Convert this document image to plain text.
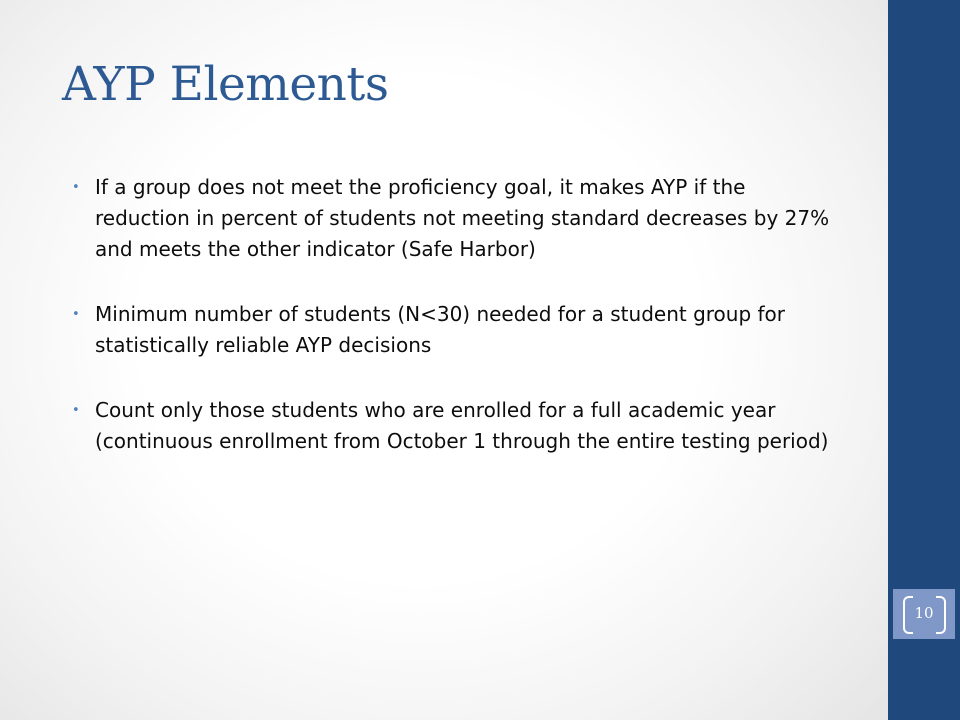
AYP Elements
• If a group does not meet the proficiency goal, it makes AYP if the reduction in percent of students not meeting standard decreases by 27% and meets the other indicator (Safe Harbor)
• Minimum number of students (N<30) needed for a student group for statistically reliable AYP decisions
• Count only those students who are enrolled for a full academic year (continuous enrollment from October 1 through the entire testing period)
10
